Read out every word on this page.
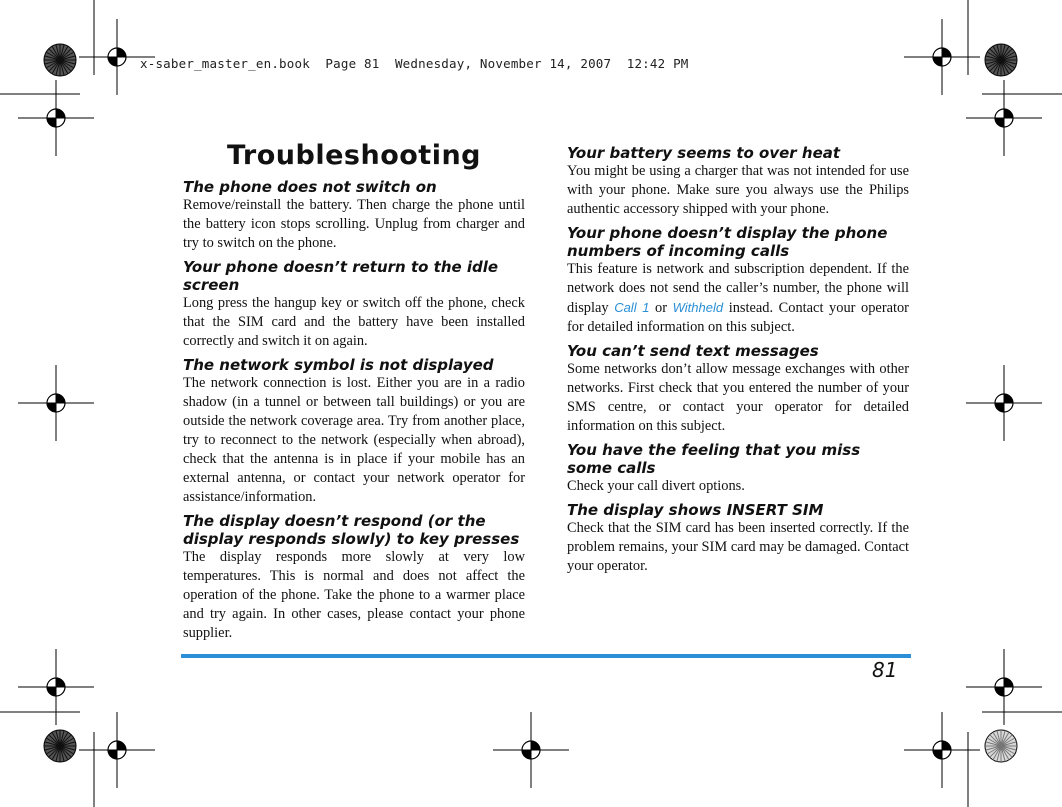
x-saber_master_en.book  Page 81  Wednesday, November 14, 2007  12:42 PM
Troubleshooting

The phone does not switch on

Remove/reinstall the battery. Then charge the phone until the battery icon stops scrolling. Unplug from charger and try to switch on the phone.

Your phone doesn’t return to the idle screen

Long press the hangup key or switch off the phone, check that the SIM card and the battery have been installed correctly and switch it on again.

The network symbol is not displayed

The network connection is lost. Either you are in a radio shadow (in a tunnel or between tall buildings) or you are outside the network coverage area. Try from another place, try to reconnect to the network (especially when abroad), check that the antenna is in place if your mobile has an external antenna, or contact your network operator for assistance/information.

The display doesn’t respond (or the display responds slowly) to key presses

The display responds more slowly at very low temperatures. This is normal and does not affect the operation of the phone. Take the phone to a warmer place and try again. In other cases, please contact your phone supplier.

Your battery seems to over heat

You might be using a charger that was not intended for use with your phone. Make sure you always use the Philips authentic accessory shipped with your phone.

Your phone doesn’t display the phone numbers of incoming calls

This feature is network and subscription dependent. If the network does not send the caller’s number, the phone will display Call 1 or Withheld instead. Contact your operator for detailed information on this subject.

You can’t send text messages

Some networks don’t allow message exchanges with other networks. First check that you entered the number of your SMS centre, or contact your operator for detailed information on this subject.

You have the feeling that you miss some calls

Check your call divert options.

The display shows INSERT SIM

Check that the SIM card has been inserted correctly. If the problem remains, your SIM card may be damaged. Contact your operator.

81
